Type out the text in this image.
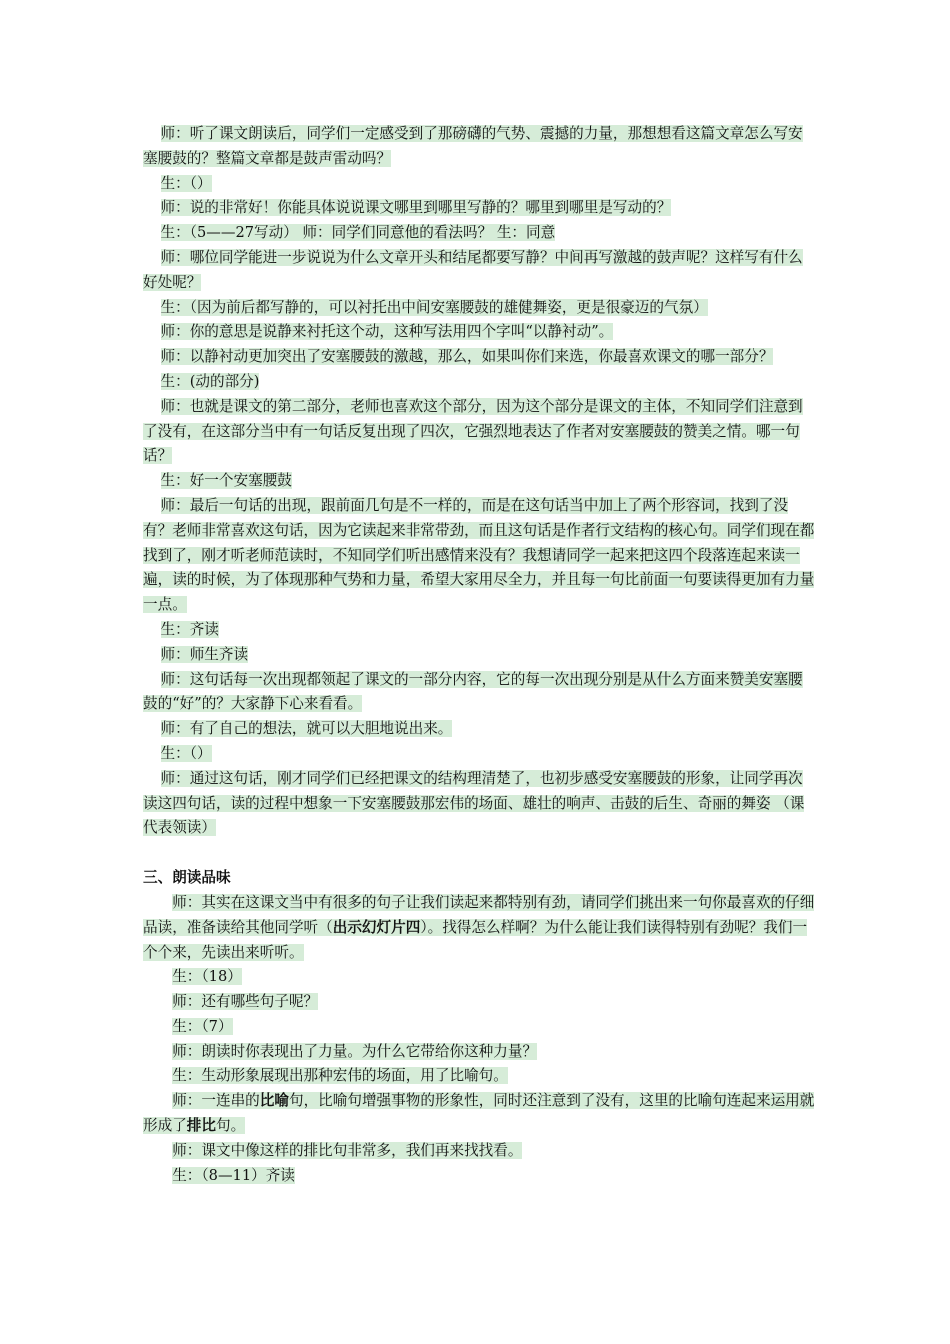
师：听了课文朗读后，同学们一定感受到了那磅礴的气势、震撼的力量，那想想看这篇文章怎么写安塞腰鼓的？整篇文章都是鼓声雷动吗？

生：（）

师：说的非常好！你能具体说说课文哪里到哪里写静的？哪里到哪里是写动的？

生：（5——27写动） 师：同学们同意他的看法吗？ 生：同意

师：哪位同学能进一步说说为什么文章开头和结尾都要写静？中间再写激越的鼓声呢？这样写有什么好处呢？

生：（因为前后都写静的，可以衬托出中间安塞腰鼓的雄健舞姿，更是很豪迈的气氛）

师：你的意思是说静来衬托这个动，这种写法用四个字叫“以静衬动”。

师：以静衬动更加突出了安塞腰鼓的激越，那么，如果叫你们来选，你最喜欢课文的哪一部分？

生：(动的部分)

师：也就是课文的第二部分，老师也喜欢这个部分，因为这个部分是课文的主体，不知同学们注意到了没有，在这部分当中有一句话反复出现了四次，它强烈地表达了作者对安塞腰鼓的赞美之情。哪一句话？

生：好一个安塞腰鼓

师：最后一句话的出现，跟前面几句是不一样的，而是在这句话当中加上了两个形容词，找到了没有？老师非常喜欢这句话，因为它读起来非常带劲，而且这句话是作者行文结构的核心句。同学们现在都找到了，刚才听老师范读时，不知同学们听出感情来没有？我想请同学一起来把这四个段落连起来读一遍，读的时候，为了体现那种气势和力量，希望大家用尽全力，并且每一句比前面一句要读得更加有力量一点。

生：齐读

师：师生齐读

师：这句话每一次出现都领起了课文的一部分内容，它的每一次出现分别是从什么方面来赞美安塞腰鼓的“好”的？大家静下心来看看。

师：有了自己的想法，就可以大胆地说出来。

生：（）

师：通过这句话，刚才同学们已经把课文的结构理清楚了，也初步感受安塞腰鼓的形象，让同学再次读这四句话，读的过程中想象一下安塞腰鼓那宏伟的场面、雄壮的响声、击鼓的后生、奇丽的舞姿 （课代表领读）

三、朗读品味

师：其实在这课文当中有很多的句子让我们读起来都特别有劲，请同学们挑出来一句你最喜欢的仔细品读，准备读给其他同学听（出示幻灯片四）。找得怎么样啊？为什么能让我们读得特别有劲呢？我们一个个来，先读出来听听。

生：（18）

师：还有哪些句子呢？

生：（7）

师：朗读时你表现出了力量。为什么它带给你这种力量？

生：生动形象展现出那种宏伟的场面，用了比喻句。

师：一连串的比喻句，比喻句增强事物的形象性，同时还注意到了没有，这里的比喻句连起来运用就形成了排比句。

师：课文中像这样的排比句非常多，我们再来找找看。

生：（8—11）齐读
